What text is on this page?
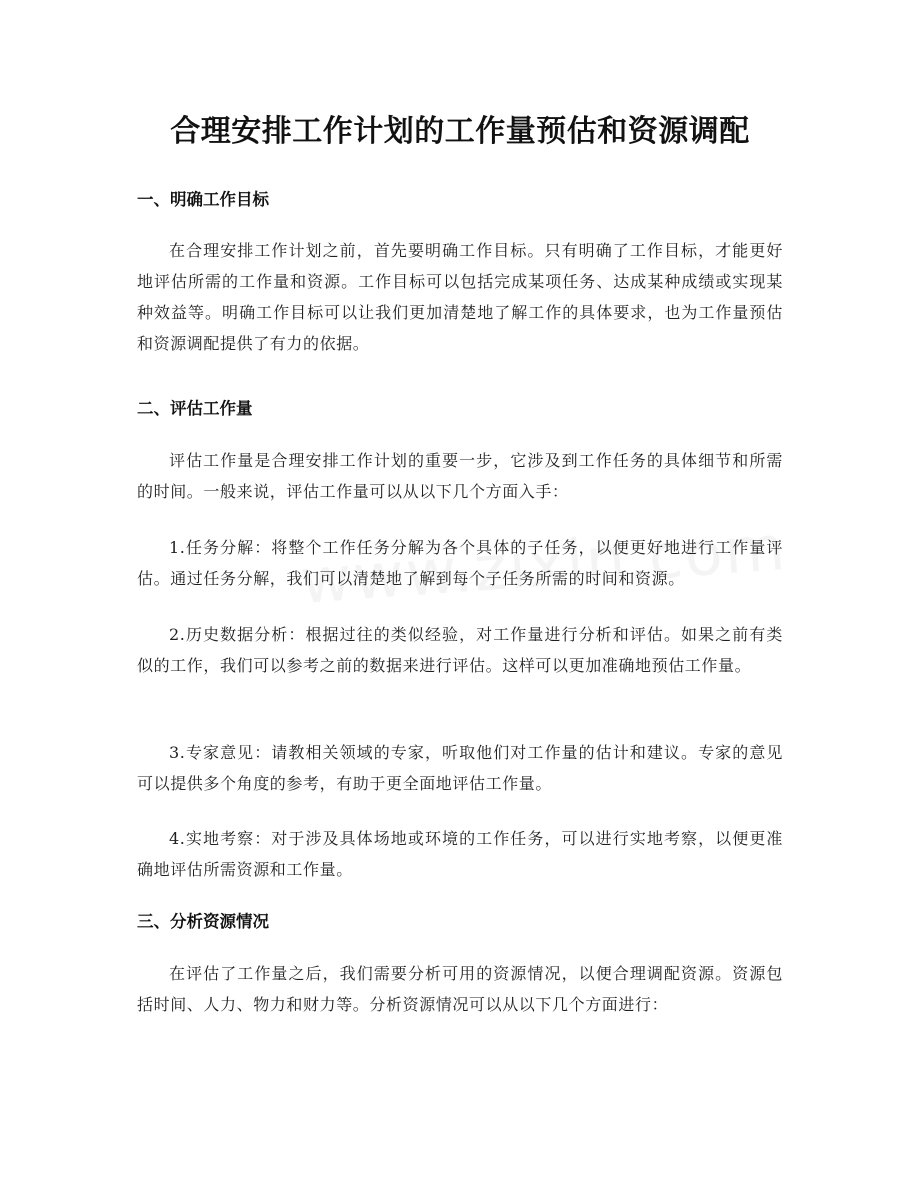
合理安排工作计划的工作量预估和资源调配
一、明确工作目标

在合理安排工作计划之前，首先要明确工作目标。只有明确了工作目标，才能更好地评估所需的工作量和资源。工作目标可以包括完成某项任务、达成某种成绩或实现某种效益等。明确工作目标可以让我们更加清楚地了解工作的具体要求，也为工作量预估和资源调配提供了有力的依据。

二、评估工作量

评估工作量是合理安排工作计划的重要一步，它涉及到工作任务的具体细节和所需的时间。一般来说，评估工作量可以从以下几个方面入手：

1.任务分解：将整个工作任务分解为各个具体的子任务，以便更好地进行工作量评估。通过任务分解，我们可以清楚地了解到每个子任务所需的时间和资源。

2.历史数据分析：根据过往的类似经验，对工作量进行分析和评估。如果之前有类似的工作，我们可以参考之前的数据来进行评估。这样可以更加准确地预估工作量。

3.专家意见：请教相关领域的专家，听取他们对工作量的估计和建议。专家的意见可以提供多个角度的参考，有助于更全面地评估工作量。

4.实地考察：对于涉及具体场地或环境的工作任务，可以进行实地考察，以便更准确地评估所需资源和工作量。

三、分析资源情况

在评估了工作量之后，我们需要分析可用的资源情况，以便合理调配资源。资源包括时间、人力、物力和财力等。分析资源情况可以从以下几个方面进行：
